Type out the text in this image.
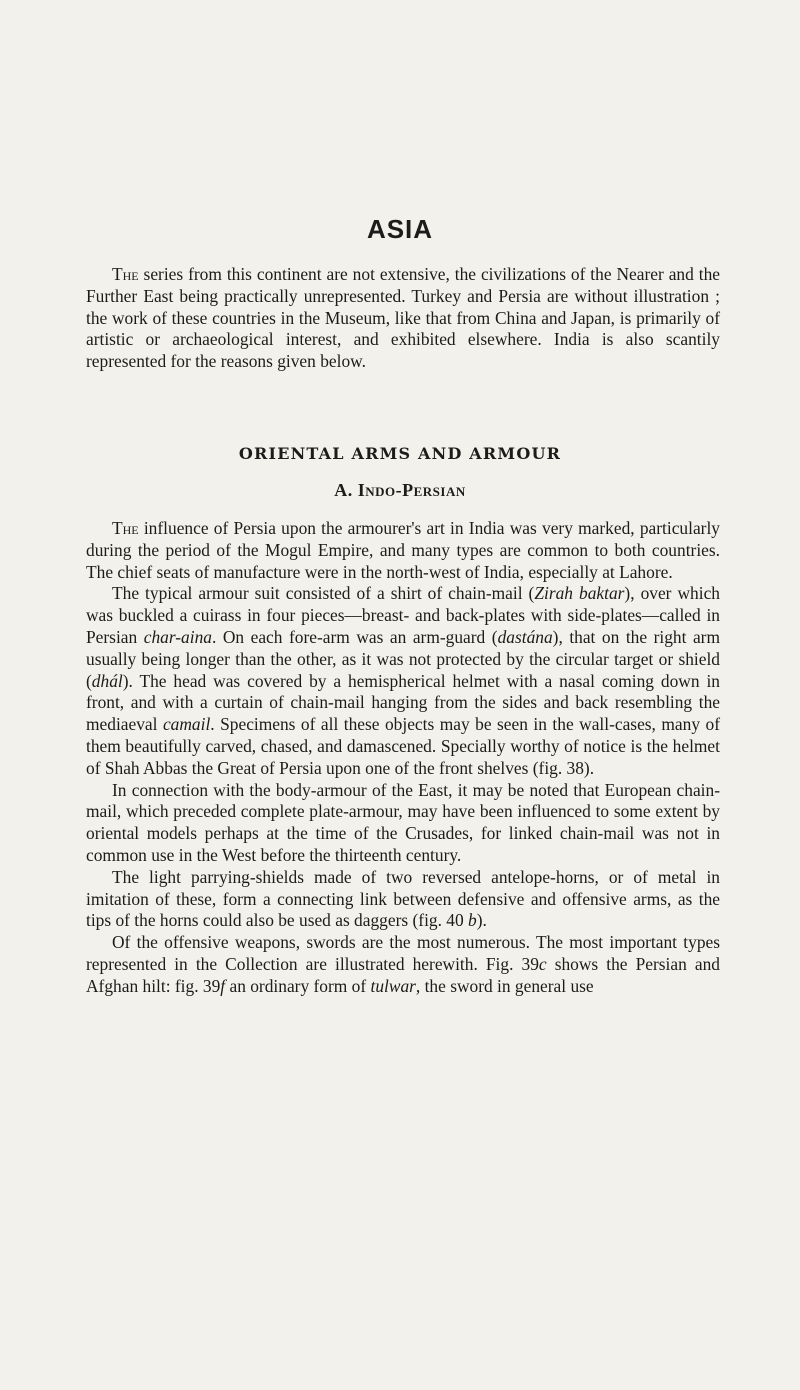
ASIA

The series from this continent are not extensive, the civilizations of the Nearer and the Further East being practically unrepresented. Turkey and Persia are without illustration ; the work of these countries in the Museum, like that from China and Japan, is primarily of artistic or archaeological interest, and exhibited elsewhere. India is also scantily represented for the reasons given below.

ORIENTAL ARMS AND ARMOUR
A. Indo-Persian

The influence of Persia upon the armourer's art in India was very marked, particularly during the period of the Mogul Empire, and many types are common to both countries. The chief seats of manufacture were in the north-west of India, especially at Lahore.

The typical armour suit consisted of a shirt of chain-mail (Zirah baktar), over which was buckled a cuirass in four pieces—breast- and back-plates with side-plates—called in Persian char-aina. On each fore-arm was an arm-guard (dastána), that on the right arm usually being longer than the other, as it was not protected by the circular target or shield (dhál). The head was covered by a hemispherical helmet with a nasal coming down in front, and with a curtain of chain-mail hanging from the sides and back resembling the mediaeval camail. Specimens of all these objects may be seen in the wall-cases, many of them beautifully carved, chased, and damascened. Specially worthy of notice is the helmet of Shah Abbas the Great of Persia upon one of the front shelves (fig. 38).

In connection with the body-armour of the East, it may be noted that European chain-mail, which preceded complete plate-armour, may have been influenced to some extent by oriental models perhaps at the time of the Crusades, for linked chain-mail was not in common use in the West before the thirteenth century.

The light parrying-shields made of two reversed antelope-horns, or of metal in imitation of these, form a connecting link between defensive and offensive arms, as the tips of the horns could also be used as daggers (fig. 40 b).

Of the offensive weapons, swords are the most numerous. The most important types represented in the Collection are illustrated herewith. Fig. 39c shows the Persian and Afghan hilt: fig. 39f an ordinary form of tulwar, the sword in general use
